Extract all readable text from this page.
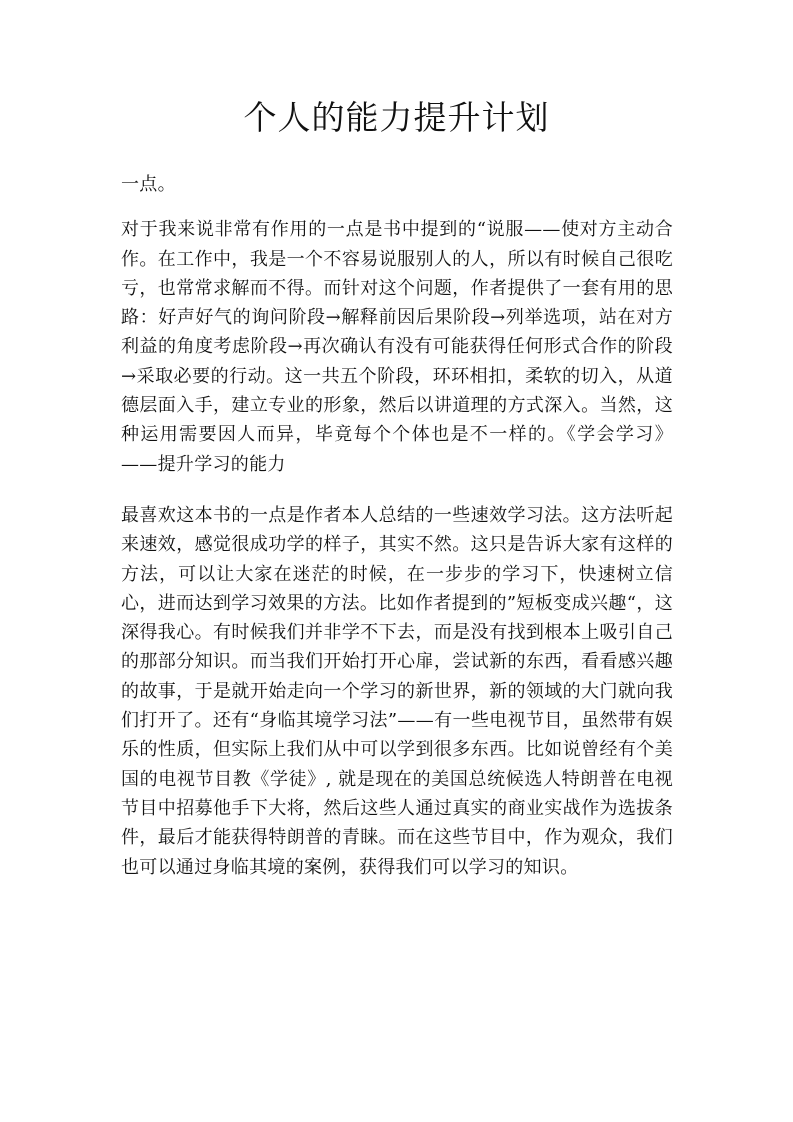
个人的能力提升计划

一点。

对于我来说非常有作用的一点是书中提到的“说服——使对方主动合作。在工作中，我是一个不容易说服别人的人，所以有时候自己很吃亏，也常常求解而不得。而针对这个问题，作者提供了一套有用的思路：好声好气的询问阶段→解释前因后果阶段→列举选项，站在对方利益的角度考虑阶段→再次确认有没有可能获得任何形式合作的阶段→采取必要的行动。这一共五个阶段，环环相扣，柔软的切入，从道德层面入手，建立专业的形象，然后以讲道理的方式深入。当然，这种运用需要因人而异，毕竟每个个体也是不一样的。《学会学习》——提升学习的能力

最喜欢这本书的一点是作者本人总结的一些速效学习法。这方法听起来速效，感觉很成功学的样子，其实不然。这只是告诉大家有这样的方法，可以让大家在迷茫的时候，在一步步的学习下，快速树立信心，进而达到学习效果的方法。比如作者提到的”短板变成兴趣“，这深得我心。有时候我们并非学不下去，而是没有找到根本上吸引自己的那部分知识。而当我们开始打开心扉，尝试新的东西，看看感兴趣的故事，于是就开始走向一个学习的新世界，新的领域的大门就向我们打开了。还有“身临其境学习法”——有一些电视节目，虽然带有娱乐的性质，但实际上我们从中可以学到很多东西。比如说曾经有个美国的电视节目教《学徒》, 就是现在的美国总统候选人特朗普在电视节目中招募他手下大将，然后这些人通过真实的商业实战作为选拔条件，最后才能获得特朗普的青睐。而在这些节目中，作为观众，我们也可以通过身临其境的案例，获得我们可以学习的知识。
